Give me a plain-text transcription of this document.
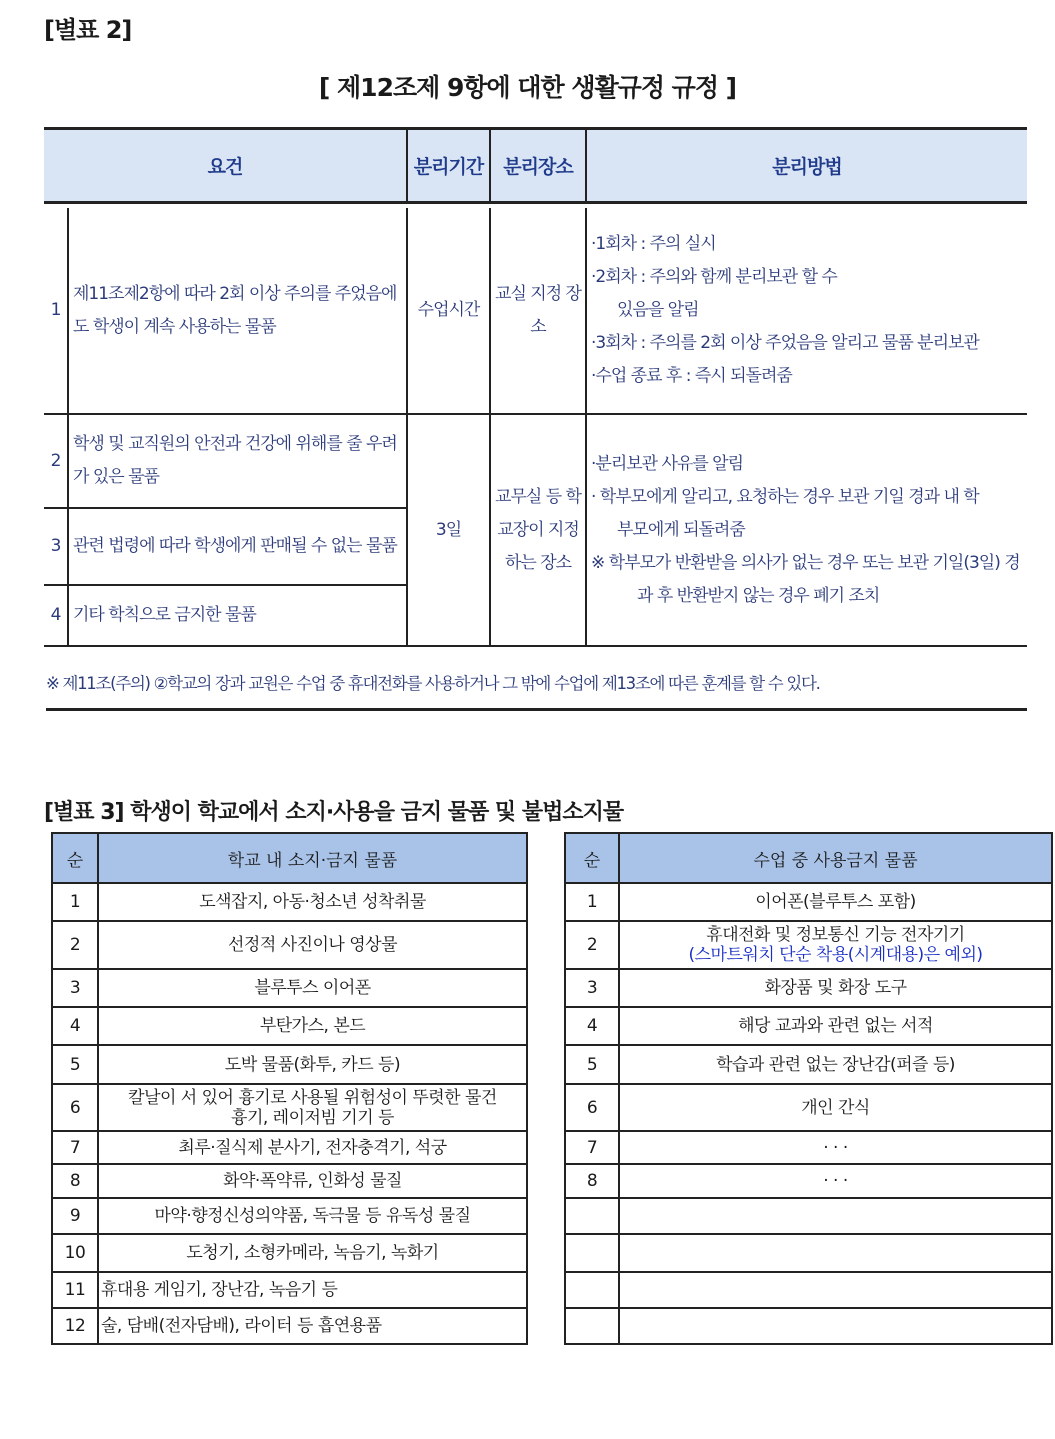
[별표 2]
[ 제12조제 9항에 대한 생활규정 규정 ]
요건		분리기간	분리장소	분리방법

1	제11조제2항에 따라 2회 이상 주의를 주었음에도 학생이 계속 사용하는 물품	수업시간	교실 지정 장소	·1회차 : 주의 실시

·2회차 : 주의와 함께 분리보관 할 수

있음을 알림

·3회차 : 주의를 2회 이상 주었음을 알리고 물품 분리보관

·수업 종료 후 : 즉시 되돌려줌

2	학생 및 교직원의 안전과 건강에 위해를 줄 우려가 있은 물품	3일	교무실 등 학교장이 지정하는 장소	·분리보관 사유를 알림

· 학부모에게 알리고, 요청하는 경우 보관 기일 경과 내 학

부모에게 되돌려줌

※ 학부모가 반환받을 의사가 없는 경우 또는 보관 기일(3일) 경

과 후 반환받지 않는 경우 폐기 조치

3	관련 법령에 따라 학생에게 판매될 수 없는 물품			
4	기타 학칙으로 금지한 물품			
※ 제11조(주의) ②학교의 장과 교원은 수업 중 휴대전화를 사용하거나 그 밖에 수업에 제13조에 따른 훈계를 할 수 있다.
[별표 3] 학생이 학교에서 소지·사용을 금지 물품 및 불법소지물
순	학교 내 소지·금지 물품
1	도색잡지, 아동·청소년 성착취물
2	선정적 사진이나 영상물
3	블루투스 이어폰
4	부탄가스, 본드
5	도박 물품(화투, 카드 등)
6	칼날이 서 있어 흉기로 사용될 위험성이 뚜렷한 물건
흉기, 레이저빔 기기 등

7	최루·질식제 분사기, 전자충격기, 석궁
8	화약·폭약류, 인화성 물질
9	마약·향정신성의약품, 독극물 등 유독성 물질
10	도청기, 소형카메라, 녹음기, 녹화기
11	휴대용 게임기, 장난감, 녹음기 등
12	술, 담배(전자담배), 라이터 등 흡연용품
순	수업 중 사용금지 물품
1	이어폰(블루투스 포함)
2	휴대전화 및 정보통신 기능 전자기기
(스마트워치 단순 착용(시계대용)은 예외)

3	화장품 및 화장 도구
4	해당 교과와 관련 없는 서적
5	학습과 관련 없는 장난감(퍼즐 등)
6	개인 간식
7	· · ·
8	· · ·
